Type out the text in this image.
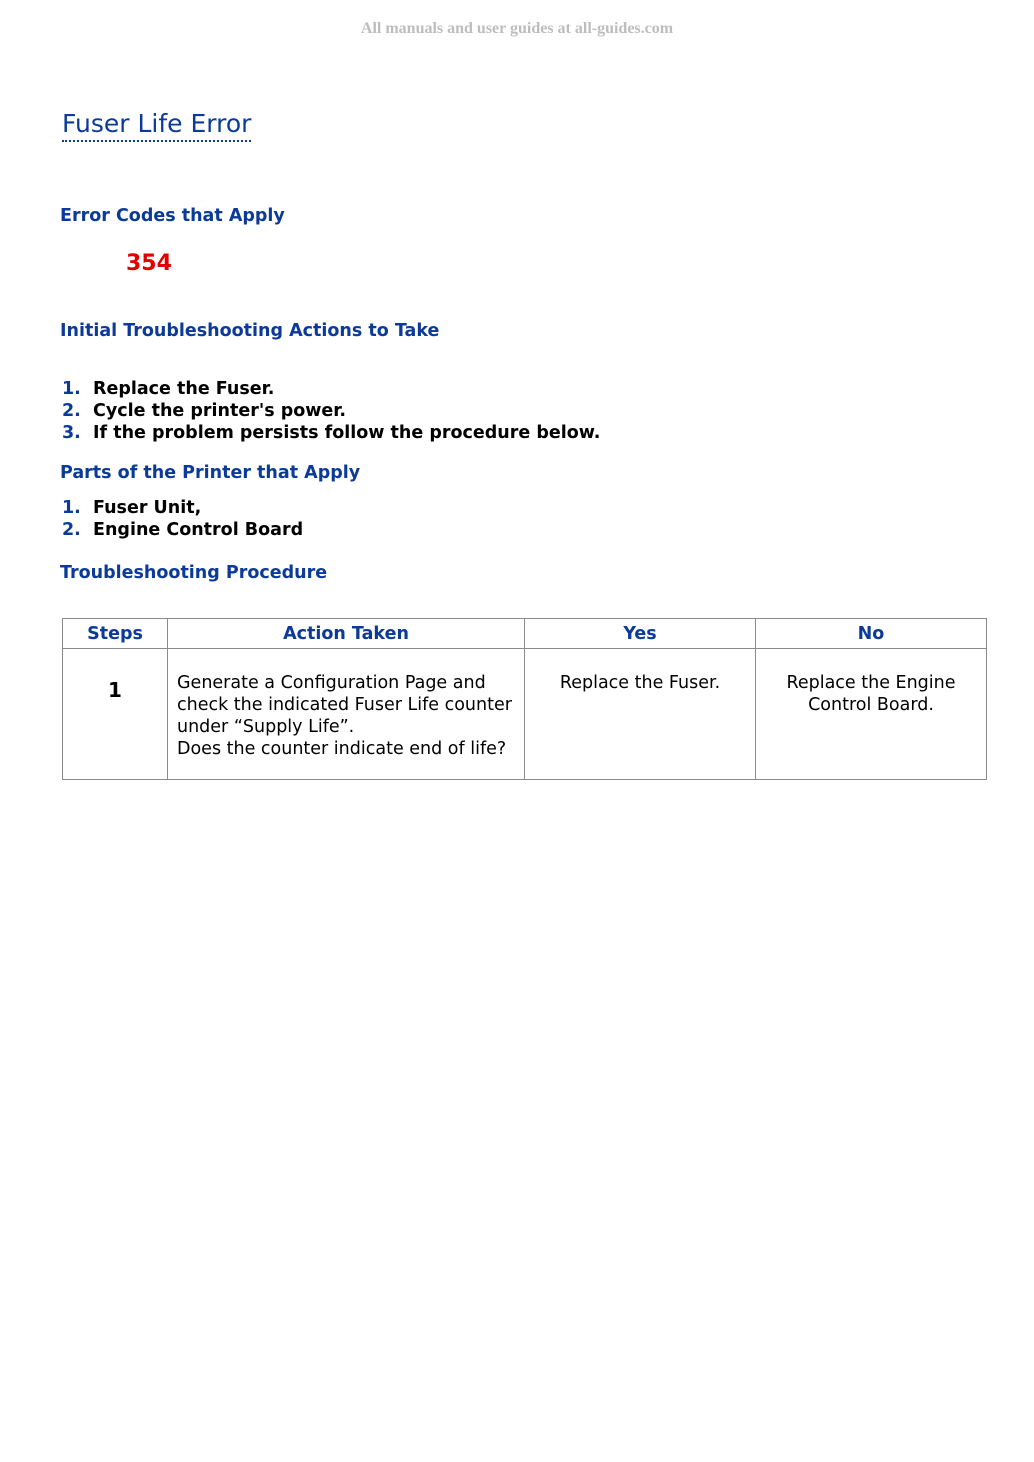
All manuals and user guides at all-guides.com
Fuser Life Error
Error Codes that Apply
354
Initial Troubleshooting Actions to Take
1. Replace the Fuser.
2. Cycle the printer's power.
3. If the problem persists follow the procedure below.
Parts of the Printer that Apply
1. Fuser Unit,
2. Engine Control Board
Troubleshooting Procedure
Steps	Action Taken	Yes	No

1	Generate a Configuration Page and check the indicated Fuser Life counter under “Supply Life”.
Does the counter indicate end of life?	Replace the Fuser.	Replace the Engine Control Board.
